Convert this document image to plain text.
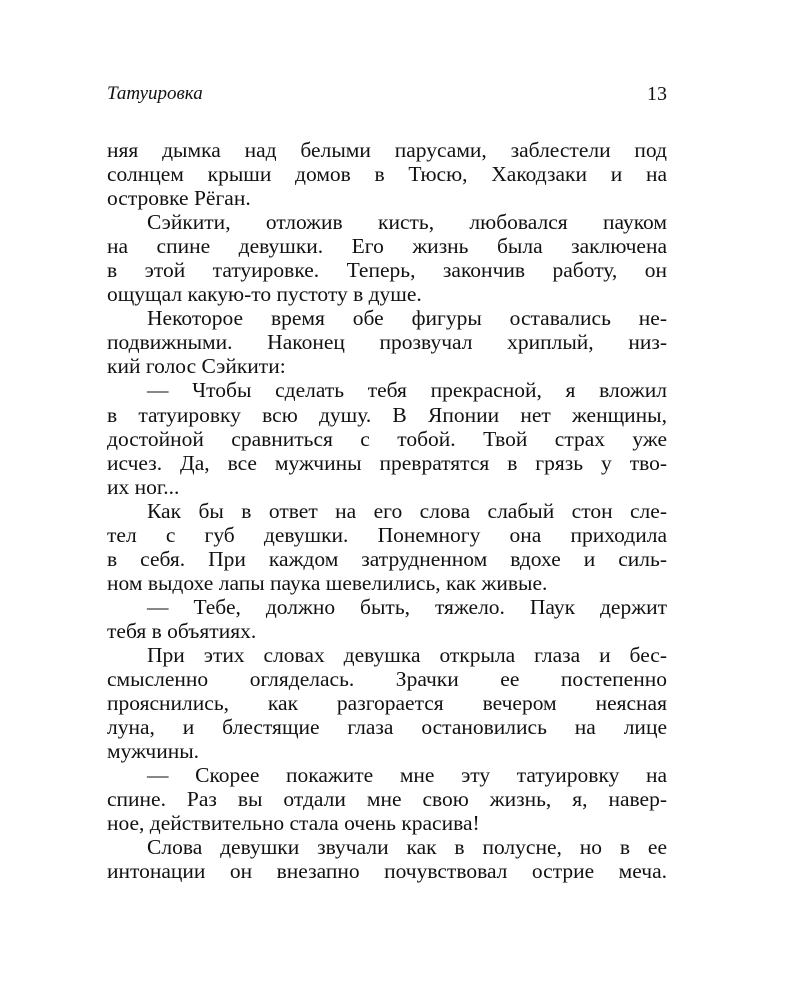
Татуировка	13
няя дымка над белыми парусами, заблестели под
солнцем крыши домов в Тюсю, Хакодзаки и на
островке Рёган.
Сэйкити, отложив кисть, любовался пауком
на спине девушки. Его жизнь была заключена
в этой татуировке. Теперь, закончив работу, он
ощущал какую-то пустоту в душе.
Некоторое время обе фигуры оставались не-
подвижными. Наконец прозвучал хриплый, низ-
кий голос Сэйкити:
— Чтобы сделать тебя прекрасной, я вложил
в татуировку всю душу. В Японии нет женщины,
достойной сравниться с тобой. Твой страх уже
исчез. Да, все мужчины превратятся в грязь у тво-
их ног...
Как бы в ответ на его слова слабый стон сле-
тел с губ девушки. Понемногу она приходила
в себя. При каждом затрудненном вдохе и силь-
ном выдохе лапы паука шевелились, как живые.
— Тебе, должно быть, тяжело. Паук держит
тебя в объятиях.
При этих словах девушка открыла глаза и бес-
смысленно огляделась. Зрачки ее постепенно
прояснились, как разгорается вечером неясная
луна, и блестящие глаза остановились на лице
мужчины.
— Скорее покажите мне эту татуировку на
спине. Раз вы отдали мне свою жизнь, я, навер-
ное, действительно стала очень красива!
Слова девушки звучали как в полусне, но в ее
интонации он внезапно почувствовал острие меча.
